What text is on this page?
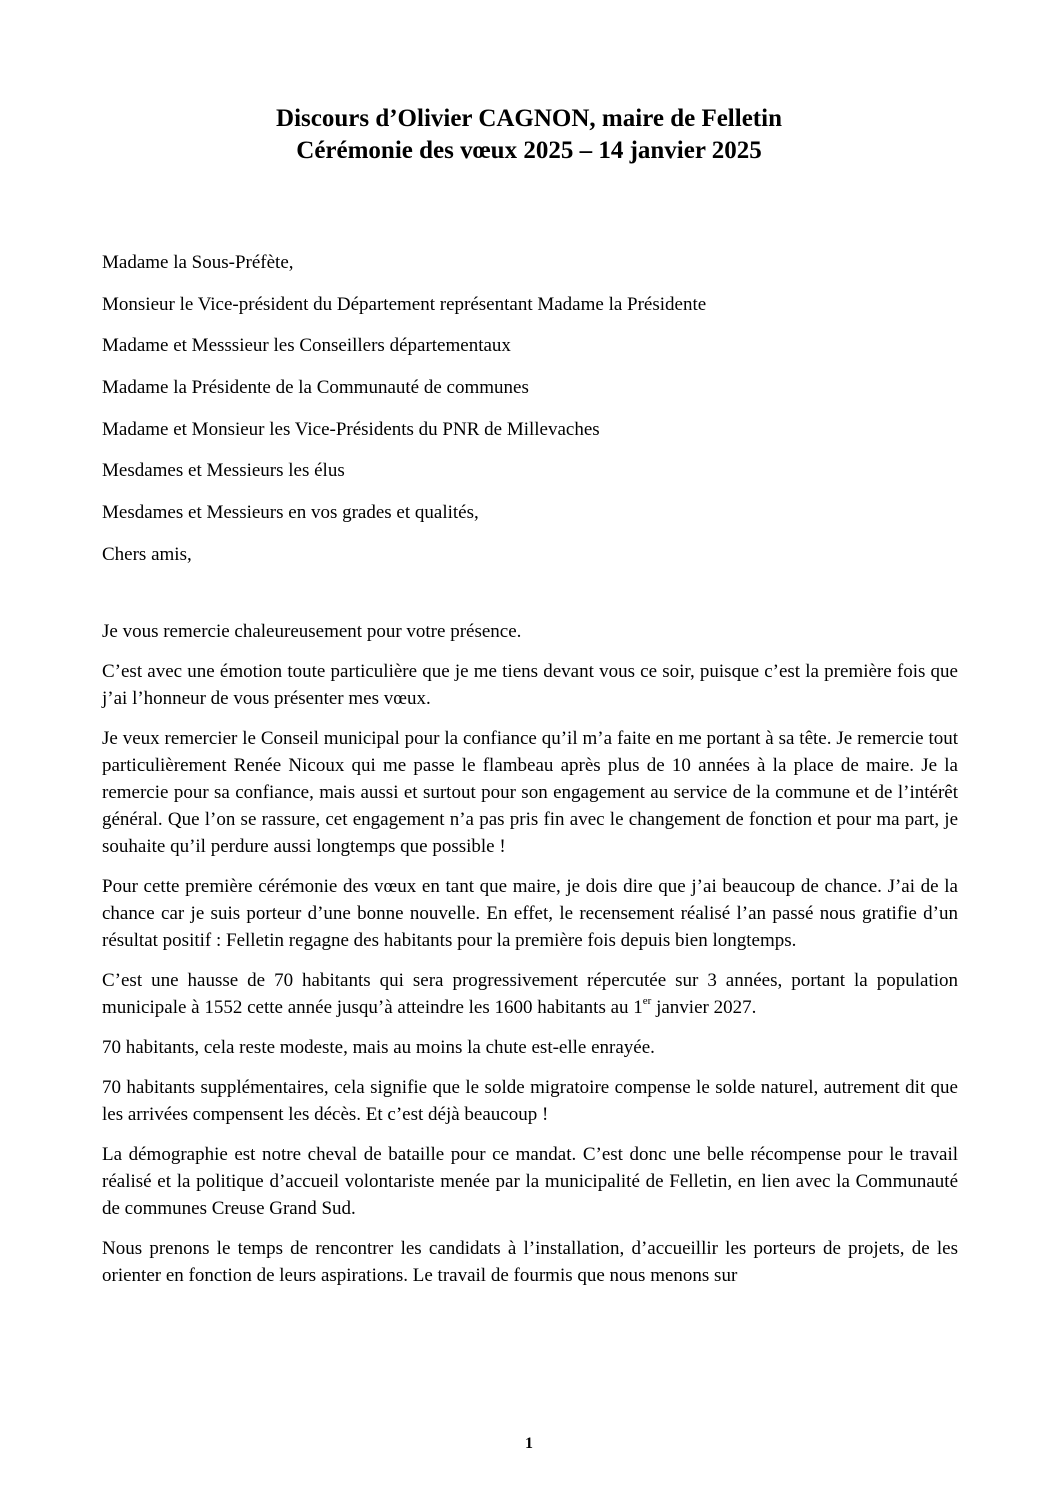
Discours d’Olivier CAGNON, maire de Felletin
Cérémonie des vœux 2025 – 14 janvier 2025
Madame la Sous-Préfète,
Monsieur le Vice-président du Département représentant Madame la Présidente
Madame et Messsieur les Conseillers départementaux
Madame la Présidente de la Communauté de communes
Madame et Monsieur les Vice-Présidents du PNR de Millevaches
Mesdames et Messieurs les élus
Mesdames et Messieurs en vos grades et qualités,
Chers amis,

Je vous remercie chaleureusement pour votre présence.

C’est avec une émotion toute particulière que je me tiens devant vous ce soir, puisque c’est la première fois que j’ai l’honneur de vous présenter mes vœux.

Je veux remercier le Conseil municipal pour la confiance qu’il m’a faite en me portant à sa tête. Je remercie tout particulièrement Renée Nicoux qui me passe le flambeau après plus de 10 années à la place de maire. Je la remercie pour sa confiance, mais aussi et surtout pour son engagement au service de la commune et de l’intérêt général. Que l’on se rassure, cet engagement n’a pas pris fin avec le changement de fonction et pour ma part, je souhaite qu’il perdure aussi longtemps que possible !

Pour cette première cérémonie des vœux en tant que maire, je dois dire que j’ai beaucoup de chance. J’ai de la chance car je suis porteur d’une bonne nouvelle. En effet, le recensement réalisé l’an passé nous gratifie d’un résultat positif : Felletin regagne des habitants pour la première fois depuis bien longtemps.

C’est une hausse de 70 habitants qui sera progressivement répercutée sur 3 années, portant la population municipale à 1552 cette année jusqu’à atteindre les 1600 habitants au 1er janvier 2027.

70 habitants, cela reste modeste, mais au moins la chute est-elle enrayée.

70 habitants supplémentaires, cela signifie que le solde migratoire compense le solde naturel, autrement dit que les arrivées compensent les décès. Et c’est déjà beaucoup !

La démographie est notre cheval de bataille pour ce mandat. C’est donc une belle récompense pour le travail réalisé et la politique d’accueil volontariste menée par la municipalité de Felletin, en lien avec la Communauté de communes Creuse Grand Sud.

Nous prenons le temps de rencontrer les candidats à l’installation, d’accueillir les porteurs de projets, de les orienter en fonction de leurs aspirations. Le travail de fourmis que nous menons sur

1
